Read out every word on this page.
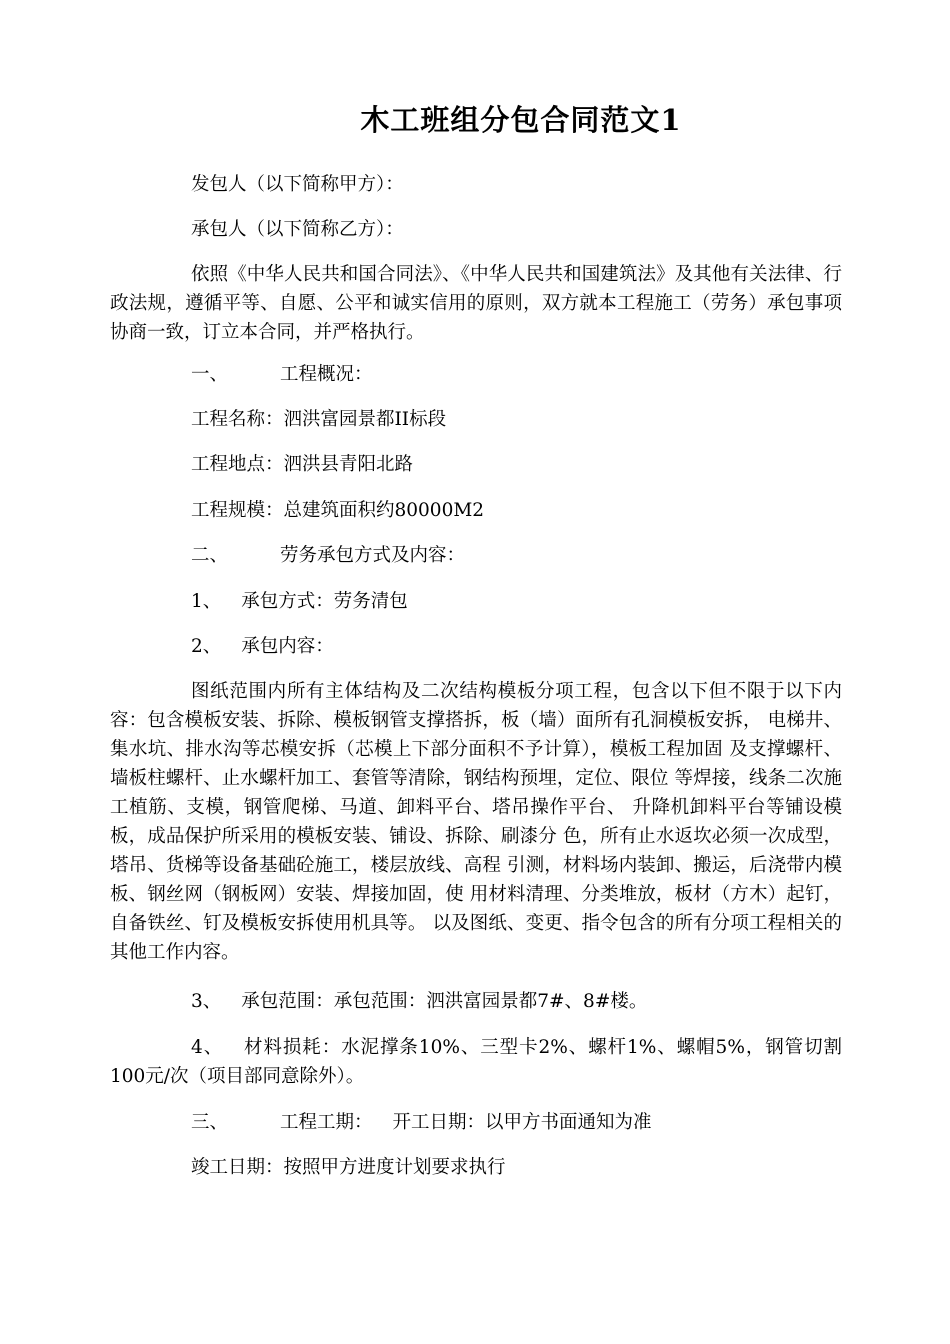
木工班组分包合同范文1
发包人（以下简称甲方）：
承包人（以下简称乙方）：
依照《中华人民共和国合同法》、《中华人民共和国建筑法》及其他有关法律、行政法规，遵循平等、自愿、公平和诚实信用的原则，双方就本工程施工（劳务）承包事项协商一致，订立本合同，并严格执行。
一、	工程概况：
工程名称：泗洪富园景都II标段
工程地点：泗洪县青阳北路
工程规模：总建筑面积约80000M2
二、	劳务承包方式及内容：
1、 承包方式：劳务清包
2、 承包内容：
图纸范围内所有主体结构及二次结构模板分项工程，包含以下但不限于以下内容：包含模板安装、拆除、模板钢管支撑搭拆，板（墙）面所有孔洞模板安拆， 电梯井、集水坑、排水沟等芯模安拆（芯模上下部分面积不予计算），模板工程加固 及支撑螺杆、墙板柱螺杆、止水螺杆加工、套管等清除，钢结构预埋，定位、限位 等焊接，线条二次施工植筋、支模，钢管爬梯、马道、卸料平台、塔吊操作平台、 升降机卸料平台等铺设模板，成品保护所采用的模板安装、铺设、拆除、刷漆分 色，所有止水返坎必须一次成型，塔吊、货梯等设备基础砼施工，楼层放线、高程 引测，材料场内装卸、搬运，后浇带内模板、钢丝网（钢板网）安装、焊接加固，使 用材料清理、分类堆放，板材（方木）起钉，自备铁丝、钉及模板安拆使用机具等。 以及图纸、变更、指令包含的所有分项工程相关的其他工作内容。
3、 承包范围：承包范围：泗洪富园景都7#、8#楼。
4、 材料损耗：水泥撑条10%、三型卡2%、螺杆1%、螺帽5%，钢管切割100元/次（项目部同意除外）。
三、	工程工期： 开工日期：以甲方书面通知为准
竣工日期：按照甲方进度计划要求执行
